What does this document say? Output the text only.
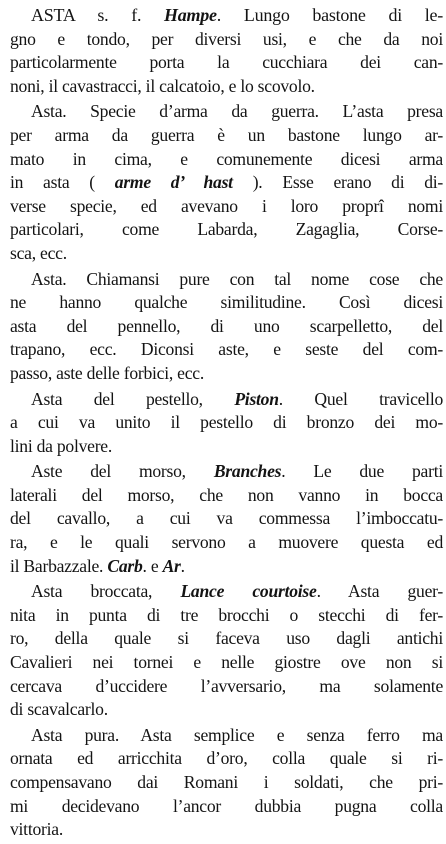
ASTA s. f. Hampe. Lungo bastone di le-
gno e tondo, per diversi usi, e che da noi
particolarmente porta la cucchiara dei can-
noni, il cavastracci, il calcatoio, e lo scovolo.
Asta. Specie d’arma da guerra. L’asta presa
per arma da guerra è un bastone lungo ar-
mato in cima, e comunemente dicesi arma
in asta ( arme d’ hast ). Esse erano di di-
verse specie, ed avevano i loro proprî nomi
particolari, come Labarda, Zagaglia, Corse-
sca, ecc.
Asta. Chiamansi pure con tal nome cose che
ne hanno qualche similitudine. Così dicesi
asta del pennello, di uno scarpelletto, del
trapano, ecc. Diconsi aste, e seste del com-
passo, aste delle forbici, ecc.
Asta del pestello, Piston. Quel travicello
a cui va unito il pestello di bronzo dei mo-
lini da polvere.
Aste del morso, Branches. Le due parti
laterali del morso, che non vanno in bocca
del cavallo, a cui va commessa l’imboccatu-
ra, e le quali servono a muovere questa ed
il Barbazzale. Carb. e Ar.
Asta broccata, Lance courtoise. Asta guer-
nita in punta di tre brocchi o stecchi di fer-
ro, della quale si faceva uso dagli antichi
Cavalieri nei tornei e nelle giostre ove non si
cercava d’uccidere l’avversario, ma solamente
di scavalcarlo.
Asta pura. Asta semplice e senza ferro ma
ornata ed arricchita d’oro, colla quale si ri-
compensavano dai Romani i soldati, che pri-
mi decidevano l’ancor dubbia pugna colla
vittoria.
